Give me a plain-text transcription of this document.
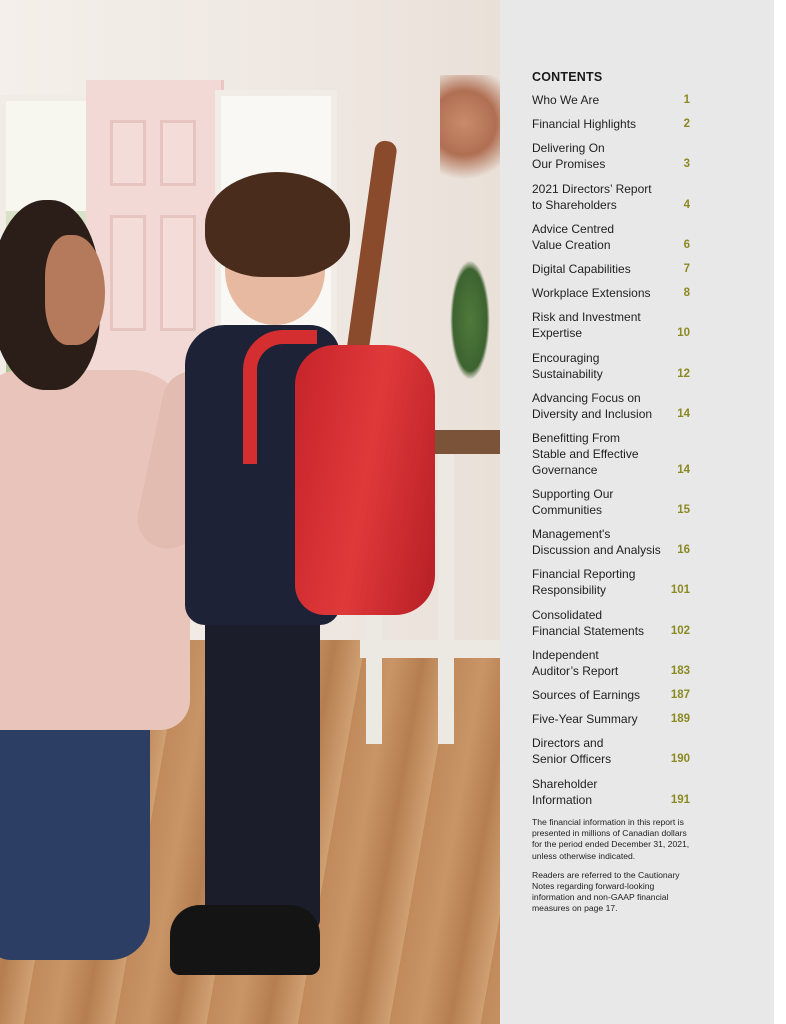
CONTENTS
Who We Are	1
Financial Highlights	2
Delivering On
Our Promises	3
2021 Directors’ Report
to Shareholders	4
Advice Centred
Value Creation	6
Digital Capabilities	7
Workplace Extensions	8
Risk and Investment
Expertise	10
Encouraging
Sustainability	12
Advancing Focus on
Diversity and Inclusion	14
Benefitting From
Stable and Effective
Governance	14
Supporting Our
Communities	15
Management's
Discussion and Analysis 16
Financial Reporting
Responsibility	101
Consolidated
Financial Statements	102
Independent
Auditor’s Report	183
Sources of Earnings	187
Five-Year Summary	189
Directors and
Senior Officers	190
Shareholder
Information	191

The financial information in this report is presented in millions of Canadian dollars for the period ended December 31, 2021, unless otherwise indicated.

Readers are referred to the Cautionary Notes regarding forward-looking information and non-GAAP financial measures on page 17.
